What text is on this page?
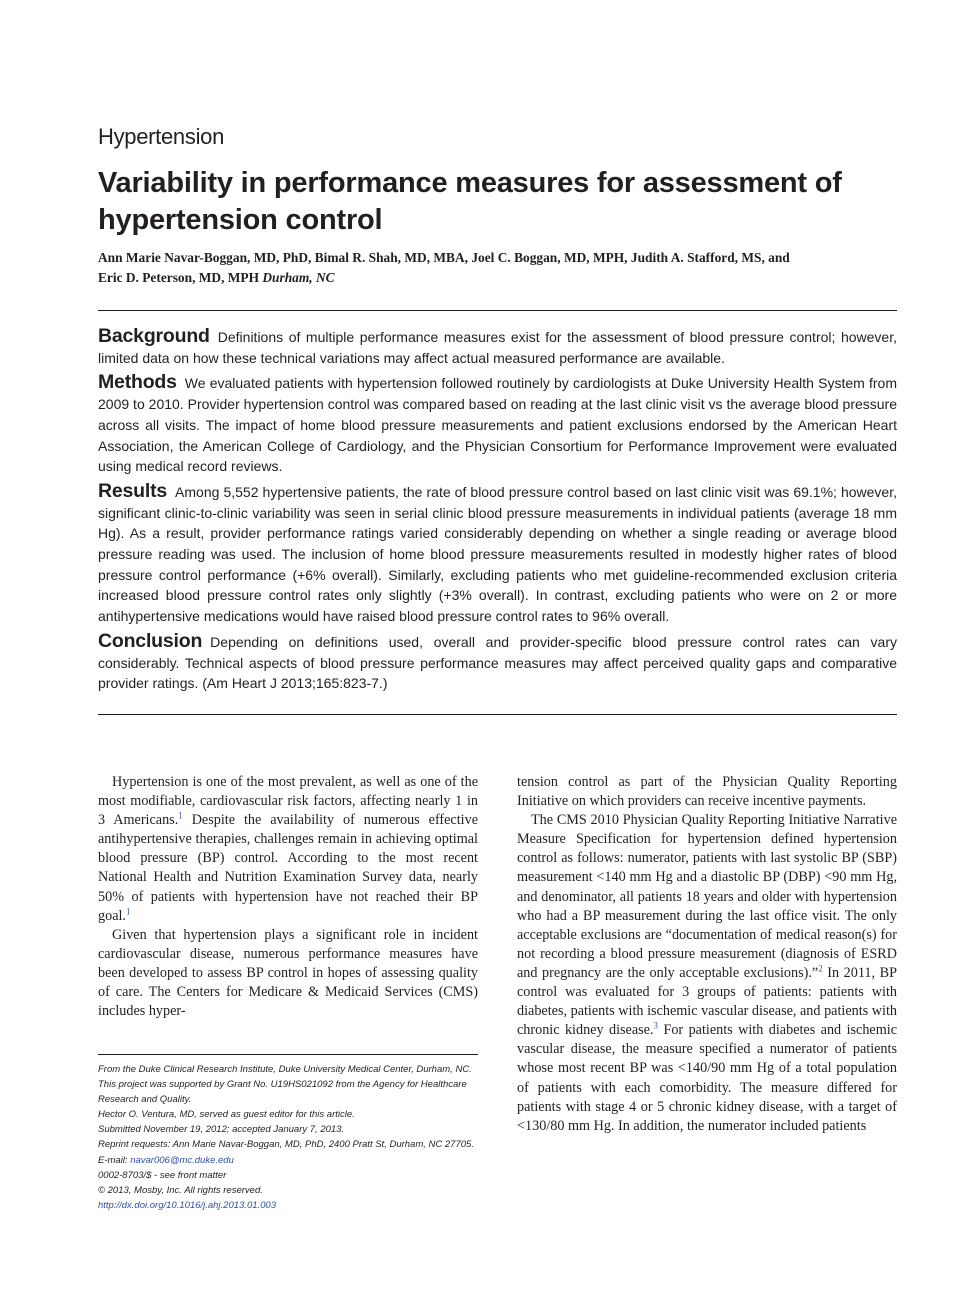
Hypertension
Variability in performance measures for assessment of hypertension control
Ann Marie Navar-Boggan, MD, PhD, Bimal R. Shah, MD, MBA, Joel C. Boggan, MD, MPH, Judith A. Stafford, MS, and
Eric D. Peterson, MD, MPH Durham, NC

Background Definitions of multiple performance measures exist for the assessment of blood pressure control; however, limited data on how these technical variations may affect actual measured performance are available.

Methods We evaluated patients with hypertension followed routinely by cardiologists at Duke University Health System from 2009 to 2010. Provider hypertension control was compared based on reading at the last clinic visit vs the average blood pressure across all visits. The impact of home blood pressure measurements and patient exclusions endorsed by the American Heart Association, the American College of Cardiology, and the Physician Consortium for Performance Improvement were evaluated using medical record reviews.

Results Among 5,552 hypertensive patients, the rate of blood pressure control based on last clinic visit was 69.1%; however, significant clinic-to-clinic variability was seen in serial clinic blood pressure measurements in individual patients (average 18 mm Hg). As a result, provider performance ratings varied considerably depending on whether a single reading or average blood pressure reading was used. The inclusion of home blood pressure measurements resulted in modestly higher rates of blood pressure control performance (+6% overall). Similarly, excluding patients who met guideline-recommended exclusion criteria increased blood pressure control rates only slightly (+3% overall). In contrast, excluding patients who were on 2 or more antihypertensive medications would have raised blood pressure control rates to 96% overall.

Conclusion Depending on definitions used, overall and provider-specific blood pressure control rates can vary considerably. Technical aspects of blood pressure performance measures may affect perceived quality gaps and comparative provider ratings. (Am Heart J 2013;165:823-7.)

Hypertension is one of the most prevalent, as well as one of the most modifiable, cardiovascular risk factors, affecting nearly 1 in 3 Americans.$^1$ Despite the availability of numerous effective antihypertensive therapies, challenges remain in achieving optimal blood pressure (BP) control. According to the most recent National Health and Nutrition Examination Survey data, nearly 50% of patients with hypertension have not reached their BP goal.$^1$

Given that hypertension plays a significant role in incident cardiovascular disease, numerous performance measures have been developed to assess BP control in hopes of assessing quality of care. The Centers for Medicare & Medicaid Services (CMS) includes hyper-

tension control as part of the Physician Quality Reporting Initiative on which providers can receive incentive payments.

The CMS 2010 Physician Quality Reporting Initiative Narrative Measure Specification for hypertension defined hypertension control as follows: numerator, patients with last systolic BP (SBP) measurement <140 mm Hg and a diastolic BP (DBP) <90 mm Hg, and denominator, all patients 18 years and older with hypertension who had a BP measurement during the last office visit. The only acceptable exclusions are “documentation of medical reason(s) for not recording a blood pressure measurement (diagnosis of ESRD and pregnancy are the only acceptable exclusions).”$^2$ In 2011, BP control was evaluated for 3 groups of patients: patients with diabetes, patients with ischemic vascular disease, and patients with chronic kidney disease.$^3$ For patients with diabetes and ischemic vascular disease, the measure specified a numerator of patients whose most recent BP was <140/90 mm Hg of a total population of patients with each comorbidity. The measure differed for patients with stage 4 or 5 chronic kidney disease, with a target of <130/80 mm Hg. In addition, the numerator included patients

From the Duke Clinical Research Institute, Duke University Medical Center, Durham, NC.
This project was supported by Grant No. U19HS021092 from the Agency for Healthcare
Research and Quality.
Hector O. Ventura, MD, served as guest editor for this article.
Submitted November 19, 2012; accepted January 7, 2013.
Reprint requests: Ann Marie Navar-Boggan, MD, PhD, 2400 Pratt St, Durham, NC 27705.
E-mail: navar006@mc.duke.edu
0002-8703/$ - see front matter
© 2013, Mosby, Inc. All rights reserved.
http://dx.doi.org/10.1016/j.ahj.2013.01.003
